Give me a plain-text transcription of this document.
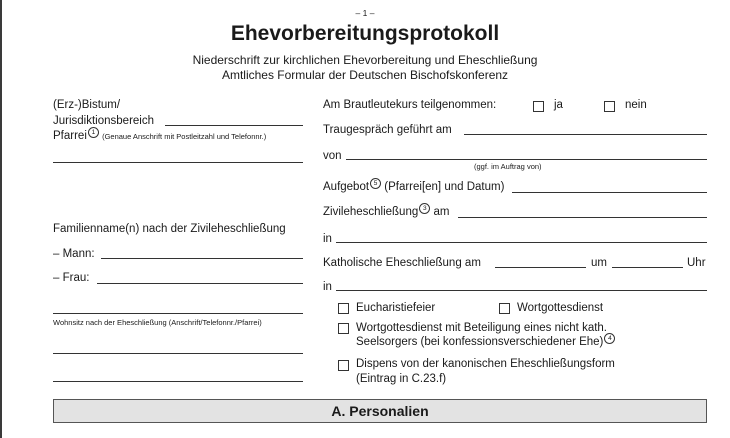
– 1 –
Ehevorbereitungsprotokoll
Niederschrift zur kirchlichen Ehevorbereitung und Eheschließung
Amtliches Formular der Deutschen Bischofskonferenz
(Erz-)Bistum/
Jurisdiktionsbereich
Pfarrei 1 (Genaue Anschrift mit Postleitzahl und Telefonnr.)
Familienname(n) nach der Zivileheschließung
– Mann:
– Frau:
Wohnsitz nach der Eheschließung (Anschrift/Telefonnr./Pfarrei)
Am Brautleutekurs teilgenommen:	ja	nein
Traugespräch geführt am
von
(ggf. im Auftrag von)
Aufgebot 5 (Pfarrei[en] und Datum)
Zivileheschließung 3 am
in
Katholische Eheschließung am	um	Uhr
in
Eucharistiefeier	Wortgottesdienst
Wortgottesdienst mit Beteiligung eines nicht kath.
Seelsorgers (bei konfessionsverschiedener Ehe) 4
Dispens von der kanonischen Eheschließungsform
(Eintrag in C.23.f)
A. Personalien
